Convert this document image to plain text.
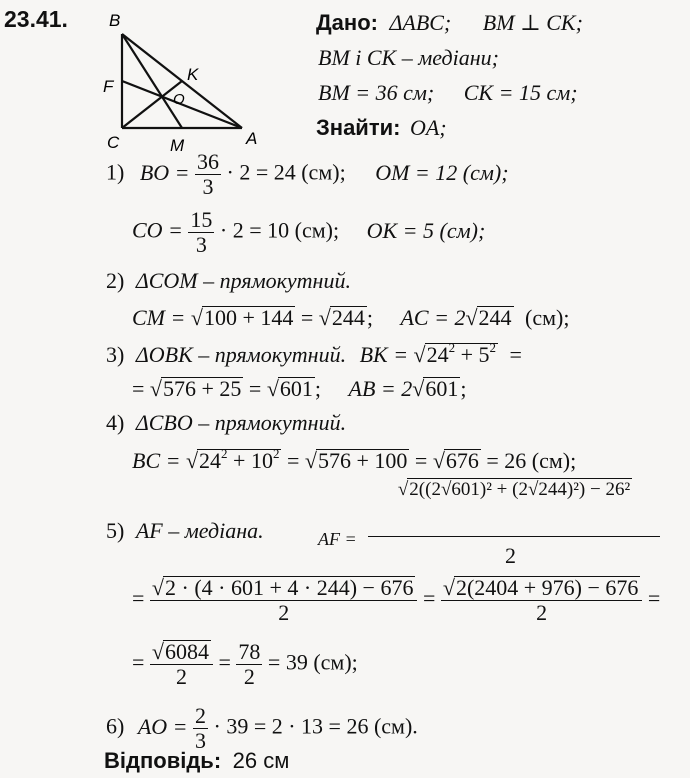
23.41. B
F
K
O
C	M	A
Дано: ΔABC; BM ⊥ CK;
BM і CK – медіани;
BM = 36 см; CK = 15 см;
Знайти: OA;
1) BO = $\frac{36}{3} \cdot 2 = 24$ (см); OM = 12 (см);
CO = $\frac{15}{3} \cdot 2 = 10$ (см); OK = 5 (см);
2) ΔCOM – прямокутний.
CM = √100 + 144 = √244; AC = 2√244 (см);
3) ΔOBK – прямокутний. BK = $√24^2 + 5^2$ =
= √576 + 25 = √601; AB = 2√601;
4) ΔCBO – прямокутний.
BC = $√24^2 + 10^2 = √576 + 100 = √676 = 26$ (см);
5) AF – медіана.	AF =
√2((2√601)² + (2√244)²) − 26²
2
= $\frac{√2 \cdot (4 \cdot 601 + 4 \cdot 244) - 676}{2} = \frac{√2(2404 + 976) - 676}{2}$ =
= $\frac{√6084}{2} = \frac{78}{2} = 39$ (см);
6) AO = $\frac{2}{3} \cdot 39 = 2 \cdot 13 = 26$ (см).
Відповідь: 26 см
